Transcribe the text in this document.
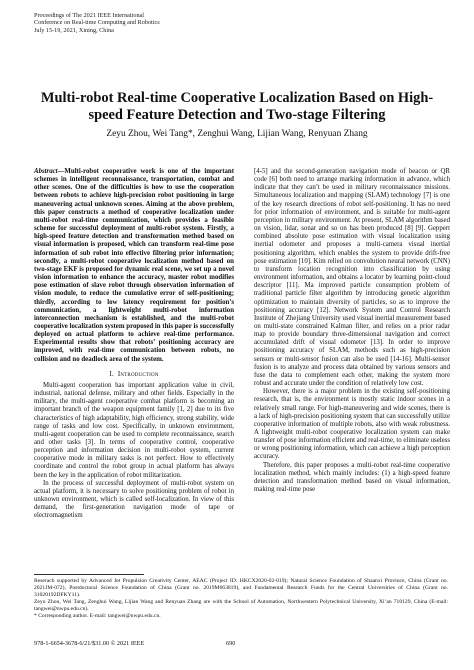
Proceedings of The 2021 IEEE International
Conference on Real-time Computing and Robotics
July 15-19, 2021, Xining, China
Multi-robot Real-time Cooperative Localization Based on High-speed Feature Detection and Two-stage Filtering
Zeyu Zhou, Wei Tang*, Zenghui Wang, Lijian Wang, Renyuan Zhang

Abstract—Multi-robot cooperative work is one of the important schemes in intelligent reconnaissance, transportation, combat and other scenes. One of the difficulties is how to use the cooperation between robots to achieve high-precision robot positioning in large maneuvering actual unknown scenes. Aiming at the above problem, this paper constructs a method of cooperative localization under multi-robot real-time communication, which provides a feasible scheme for successful deployment of multi-robot system. Firstly, a high-speed feature detection and transformation method based on visual information is proposed, which can transform real-time pose information of sub robot into effective filtering prior information; secondly, a multi-robot cooperative localization method based on two-stage EKF is proposed for dynamic real scene, we set up a novel vision information to enhance the accuracy, master robot modifies pose estimation of slave robot through observation information of vision module, to reduce the cumulative error of self-positioning; thirdly, according to low latency requirement for position’s communication, a lightweight multi-robot information interconnection mechanism is established, and the multi-robot cooperative localization system proposed in this paper is successfully deployed on actual platform to achieve real-time performance. Experimental results show that robots’ positioning accuracy are improved, with real-time communication between robots, no collision and no deadlock area of the system.

I. Introduction

Multi-agent cooperation has important application value in civil, industrial, national defense, military and other fields. Especially in the military, the multi-agent cooperative combat platform is becoming an important branch of the weapon equipment family [1, 2] due to its five characteristics of high adaptability, high efficiency, strong stability, wide range of tasks and low cost. Specifically, in unknown environment, multi-agent cooperation can be used to complete reconnaissance, search and other tasks [3]. In terms of cooperative control, cooperative perception and information decision in multi-robot system, current cooperative mode in military tasks is not perfect. How to effectively coordinate and control the robot group in actual platform has always been the key in the application of robot militarization.

In the process of successful deployment of multi-robot system on actual platform, it is necessary to solve positioning problem of robot in unknown environment, which is called self-localization. In view of this demand, the first-generation navigation mode of tape or electromagnetism

[4-5] and the second-generation navigation mode of beacon or QR code [6] both need to arrange marking information in advance, which indicate that they can’t be used in military reconnaissance missions. Simultaneous localization and mapping (SLAM) technology [7] is one of the key research directions of robot self-positioning. It has no need for prior information of environment, and is suitable for multi-agent perception in military environment. At present, SLAM algorithm based on vision, lidar, sonar and so on has been produced [8] [9]. Geppert combined absolute pose estimation with visual localization using inertial odometer and proposes a multi-camera visual inertial positioning algorithm, which enables the system to provide drift-free pose estimation [10]. Kim relied on convolution neural network (CNN) to transform location recognition into classification by using environment information, and obtains a locator by learning point-cloud descriptor [11]. Ma improved particle consumption problem of traditional particle filter algorithm by introducing genetic algorithm optimization to maintain diversity of particles, so as to improve the positioning accuracy [12]. Network System and Control Research Institute of Zhejiang University used visual inertial measurement based on multi-state constrained Kalman filter, and relies on a prior radar map to provide boundary three-dimensional navigation and correct accumulated drift of visual odometer [13]. In order to improve positioning accuracy of SLAM, methods such as high-precision sensors or multi-sensor fusion can also be used [14-16]. Multi-sensor fusion is to analyze and process data obtained by various sensors and fuse the data to complement each other, making the system more robust and accurate under the condition of relatively low cost.

However, there is a major problem in the existing self-positioning research, that is, the environment is mostly static indoor scenes in a relatively small range. For high-maneuvering and wide scenes, there is a lack of high-precision positioning system that can successfully utilize cooperative information of multiple robots, also with weak robustness. A lightweight multi-robot cooperative localization system can make transfer of pose information efficient and real-time, to eliminate useless or wrong positioning information, which can achieve a high perception accuracy.

Therefore, this paper proposes a multi-robot real-time cooperative localization method, which mainly includes: (1) a high-speed feature detection and transformation method based on visual information, making real-time pose

Reserach supported by Advanced Jet Propulsion Creativity Center, AEAC (Project ID: HKCX2020-02-019); Natural Science Foundation of Shaanxi Province, China (Grant no. 2021JM-072), Postdoctoral Science Foundation of China (Grant no. 2019M663819), and Fundamental Research Funds for the Central Universities of China (Grant no. 31020192DFKY11).
Zeyu Zhou, Wei Tang, Zenghui Wang, Lijian Wang and Renyuan Zhang are with the School of Automation, Northwestern Polytechnical University, Xi’an 710129, China (E-mail: tangwei@nwpu.edu.cn).
* Corresponding author. E-mail: tangwei@nwpu.edu.cn.
978-1-6654-3678-6/21/$31.00 © 2021 IEEE	690
